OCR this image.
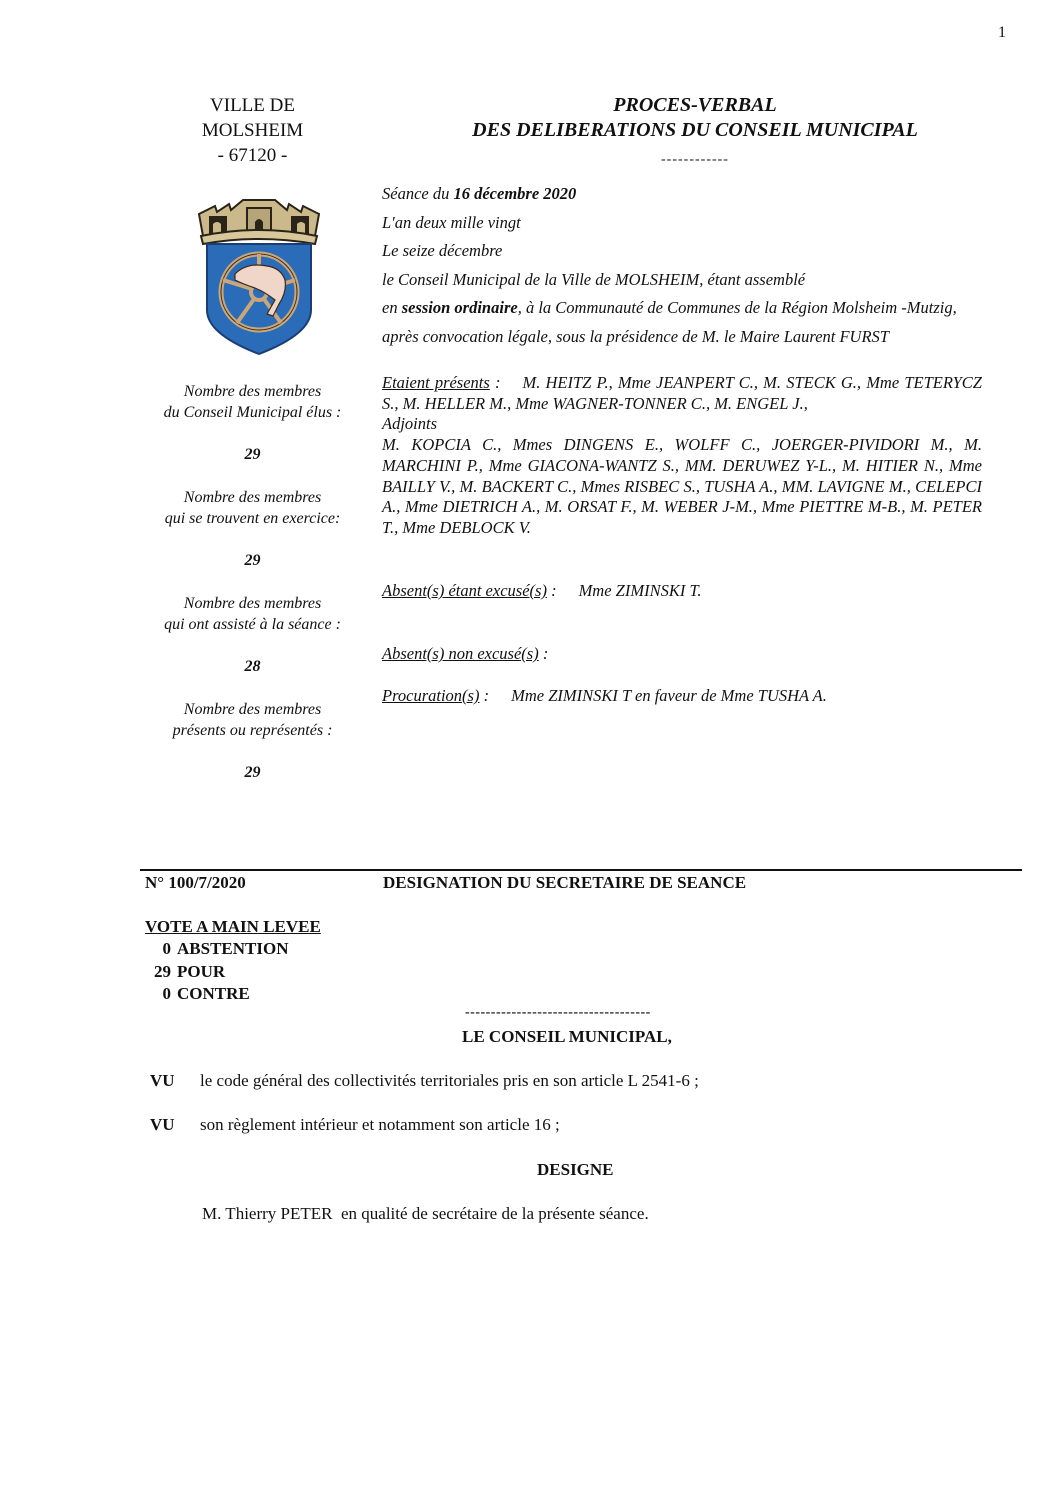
1
VILLE DE
MOLSHEIM
- 67120 -
PROCES-VERBAL
DES DELIBERATIONS DU CONSEIL MUNICIPAL
------------
Séance du 16 décembre 2020
L'an deux mille vingt
Le seize décembre
le Conseil Municipal de la Ville de MOLSHEIM, étant assemblé
en session ordinaire, à la Communauté de Communes de la Région Molsheim -Mutzig,
après convocation légale, sous la présidence de M. le Maire Laurent FURST
Nombre des membres
du Conseil Municipal élus :
29
Nombre des membres
qui se trouvent en exercice:
29
Nombre des membres
qui ont assisté à la séance :
28
Nombre des membres
présents ou représentés :
29
Etaient présents : M. HEITZ P., Mme JEANPERT C., M. STECK G., Mme TETERYCZ S., M. HELLER M., Mme WAGNER-TONNER C., M. ENGEL J.,
Adjoints
M. KOPCIA C., Mmes DINGENS E., WOLFF C., JOERGER-PIVIDORI M., M. MARCHINI P., Mme GIACONA-WANTZ S., MM. DERUWEZ Y-L., M. HITIER N., Mme BAILLY V., M. BACKERT C., Mmes RISBEC S., TUSHA A., MM. LAVIGNE M., CELEPCI A., Mme DIETRICH A., M. ORSAT F., M. WEBER J-M., Mme PIETTRE M-B., M. PETER T., Mme DEBLOCK V.
Absent(s) étant excusé(s) : Mme ZIMINSKI T.
Absent(s) non excusé(s) :
Procuration(s) : Mme ZIMINSKI T en faveur de Mme TUSHA A.
N° 100/7/2020	DESIGNATION DU SECRETAIRE DE SEANCE
VOTE A MAIN LEVEE
0 ABSTENTION
29 POUR
0 CONTRE
------------------------------------
LE CONSEIL MUNICIPAL,
VU le code général des collectivités territoriales pris en son article L 2541-6 ;
VU son règlement intérieur et notamment son article 16 ;
DESIGNE
M. Thierry PETER  en qualité de secrétaire de la présente séance.
